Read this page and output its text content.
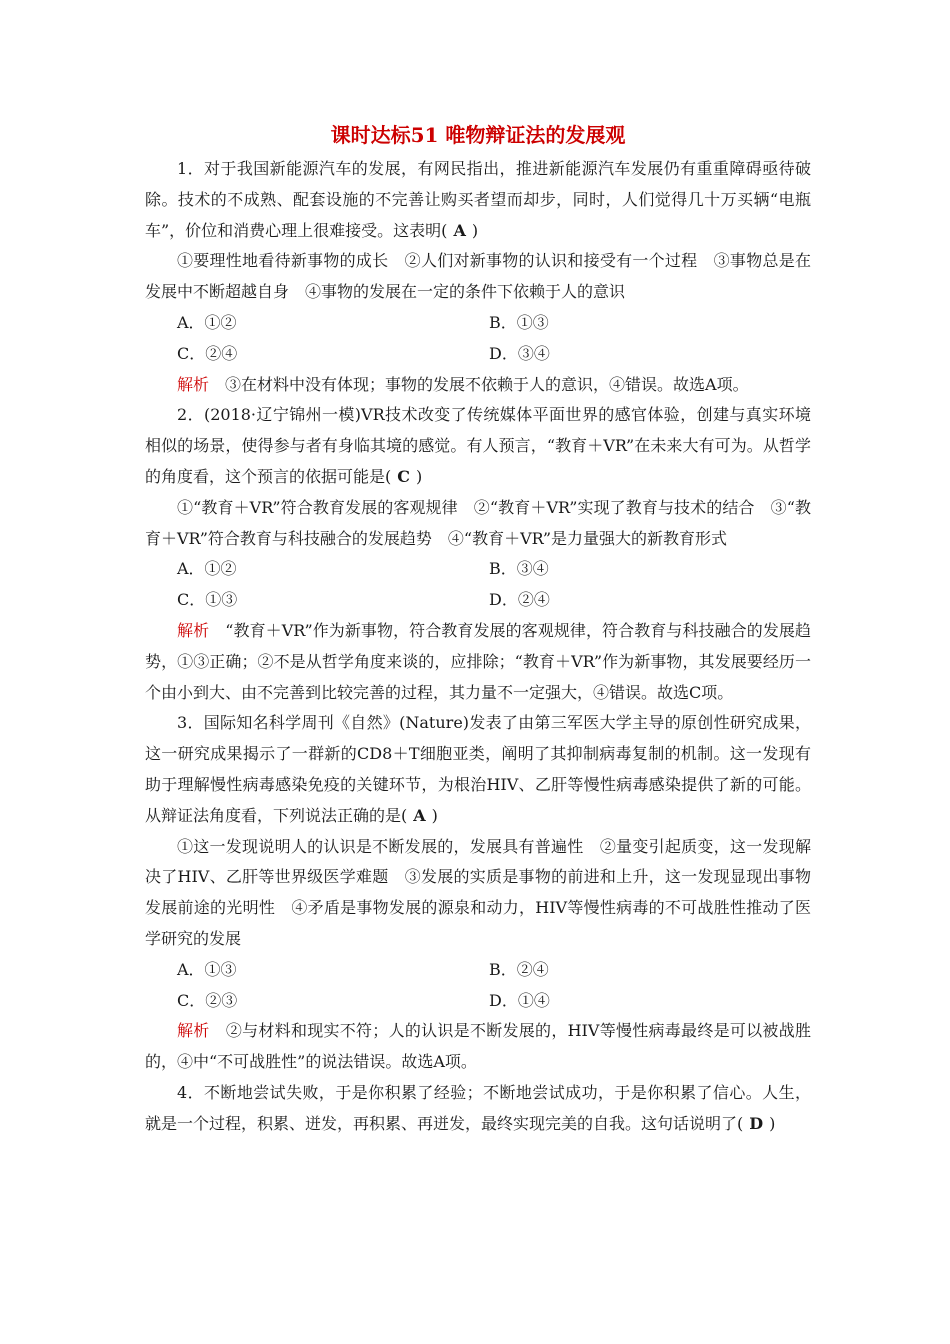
课时达标51 唯物辩证法的发展观

1．对于我国新能源汽车的发展，有网民指出，推进新能源汽车发展仍有重重障碍亟待破除。技术的不成熟、配套设施的不完善让购买者望而却步，同时，人们觉得几十万买辆“电瓶车”，价位和消费心理上很难接受。这表明( A )

①要理性地看待新事物的成长　②人们对新事物的认识和接受有一个过程　③事物总是在发展中不断超越自身　④事物的发展在一定的条件下依赖于人的意识

A．①②	B．①③
C．②④	D．③④

解析　 ③在材料中没有体现；事物的发展不依赖于人的意识，④错误。故选A项。

2．(2018·辽宁锦州一模)VR技术改变了传统媒体平面世界的感官体验，创建与真实环境相似的场景，使得参与者有身临其境的感觉。有人预言，“教育＋VR”在未来大有可为。从哲学的角度看，这个预言的依据可能是( C )

①“教育＋VR”符合教育发展的客观规律　②“教育＋VR”实现了教育与技术的结合　③“教育＋VR”符合教育与科技融合的发展趋势　④“教育＋VR”是力量强大的新教育形式

A．①②	B．③④
C．①③	D．②④

解析　 “教育＋VR”作为新事物，符合教育发展的客观规律，符合教育与科技融合的发展趋势，①③正确；②不是从哲学角度来谈的，应排除；“教育＋VR”作为新事物，其发展要经历一个由小到大、由不完善到比较完善的过程，其力量不一定强大，④错误。故选C项。

3．国际知名科学周刊《自然》(Nature)发表了由第三军医大学主导的原创性研究成果，这一研究成果揭示了一群新的CD8＋T细胞亚类，阐明了其抑制病毒复制的机制。这一发现有助于理解慢性病毒感染免疫的关键环节，为根治HIV、乙肝等慢性病毒感染提供了新的可能。从辩证法角度看，下列说法正确的是( A )

①这一发现说明人的认识是不断发展的，发展具有普遍性　②量变引起质变，这一发现解决了HIV、乙肝等世界级医学难题　③发展的实质是事物的前进和上升，这一发现显现出事物发展前途的光明性　④矛盾是事物发展的源泉和动力，HIV等慢性病毒的不可战胜性推动了医学研究的发展

A．①③	B．②④
C．②③	D．①④

解析　 ②与材料和现实不符；人的认识是不断发展的，HIV等慢性病毒最终是可以被战胜的，④中“不可战胜性”的说法错误。故选A项。

4．不断地尝试失败，于是你积累了经验；不断地尝试成功，于是你积累了信心。人生，就是一个过程，积累、迸发，再积累、再迸发，最终实现完美的自我。这句话说明了( D )
